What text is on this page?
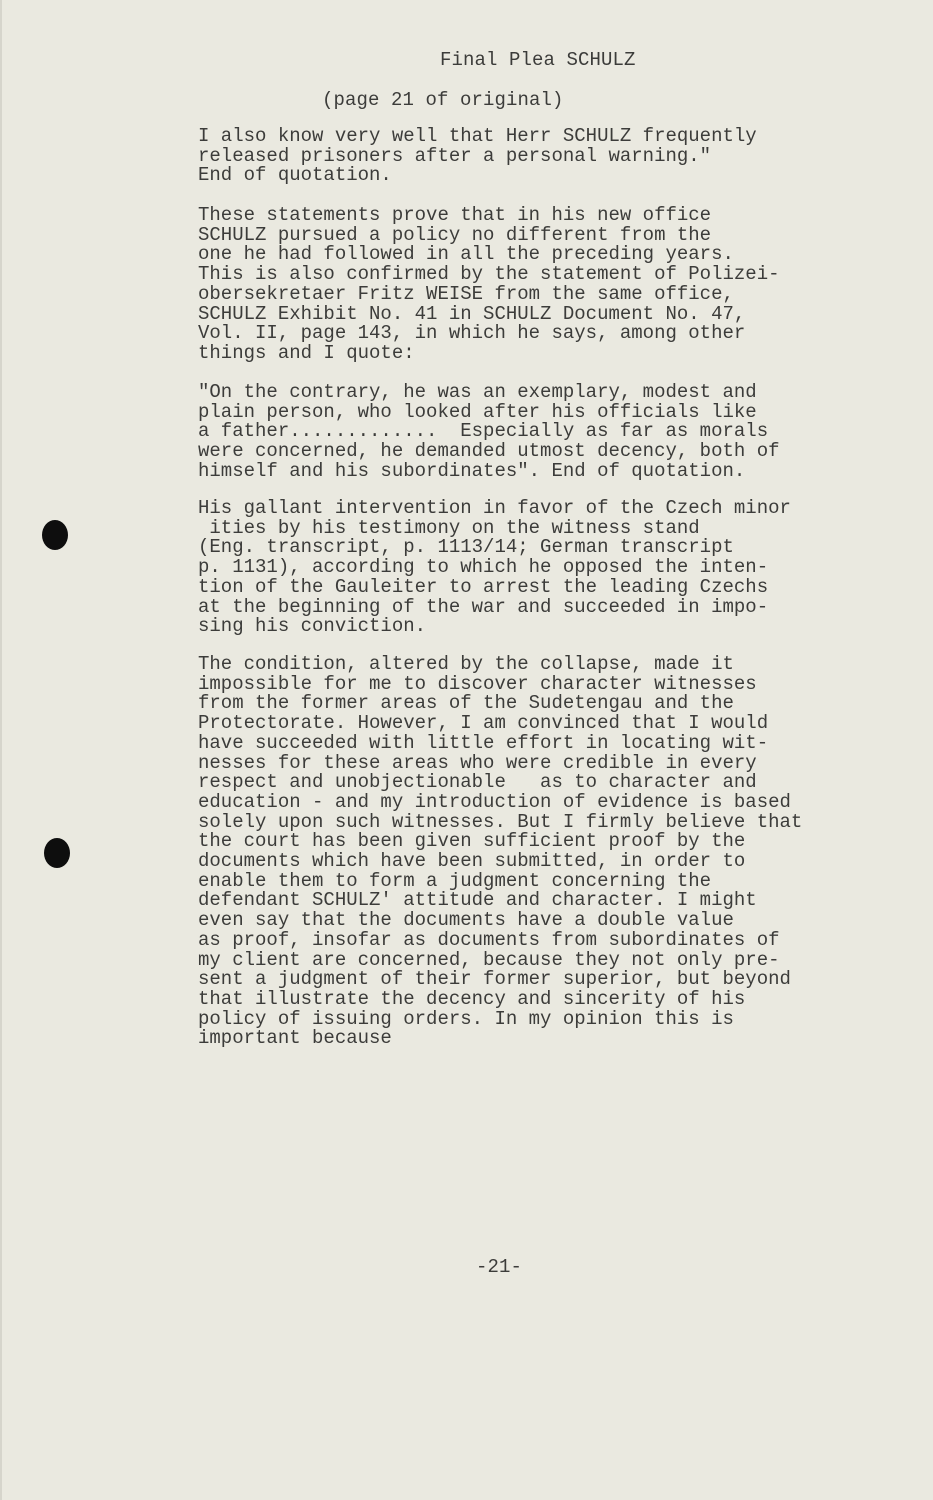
Final Plea SCHULZ
(page 21 of original)
I also know very well that Herr SCHULZ frequently
released prisoners after a personal warning."
End of quotation.
These statements prove that in his new office
SCHULZ pursued a policy no different from the
one he had followed in all the preceding years.
This is also confirmed by the statement of Polizei-
obersekretaer Fritz WEISE from the same office,
SCHULZ Exhibit No. 41 in SCHULZ Document No. 47,
Vol. II, page 143, in which he says, among other
things and I quote:
"On the contrary, he was an exemplary, modest and
plain person, who looked after his officials like
a father.............  Especially as far as morals
were concerned, he demanded utmost decency, both of
himself and his subordinates". End of quotation.
His gallant intervention in favor of the Czech minor
ities by his testimony on the witness stand
(Eng. transcript, p. 1113/14; German transcript
p. 1131), according to which he opposed the inten-
tion of the Gauleiter to arrest the leading Czechs
at the beginning of the war and succeeded in impo-
sing his conviction.
The condition, altered by the collapse, made it
impossible for me to discover character witnesses
from the former areas of the Sudetengau and the
Protectorate. However, I am convinced that I would
have succeeded with little effort in locating wit-
nesses for these areas who were credible in every
respect and unobjectionable   as to character and
education - and my introduction of evidence is based
solely upon such witnesses. But I firmly believe that
the court has been given sufficient proof by the
documents which have been submitted, in order to
enable them to form a judgment concerning the
defendant SCHULZ' attitude and character. I might
even say that the documents have a double value
as proof, insofar as documents from subordinates of
my client are concerned, because they not only pre-
sent a judgment of their former superior, but beyond
that illustrate the decency and sincerity of his
policy of issuing orders. In my opinion this is
important because
-21-
